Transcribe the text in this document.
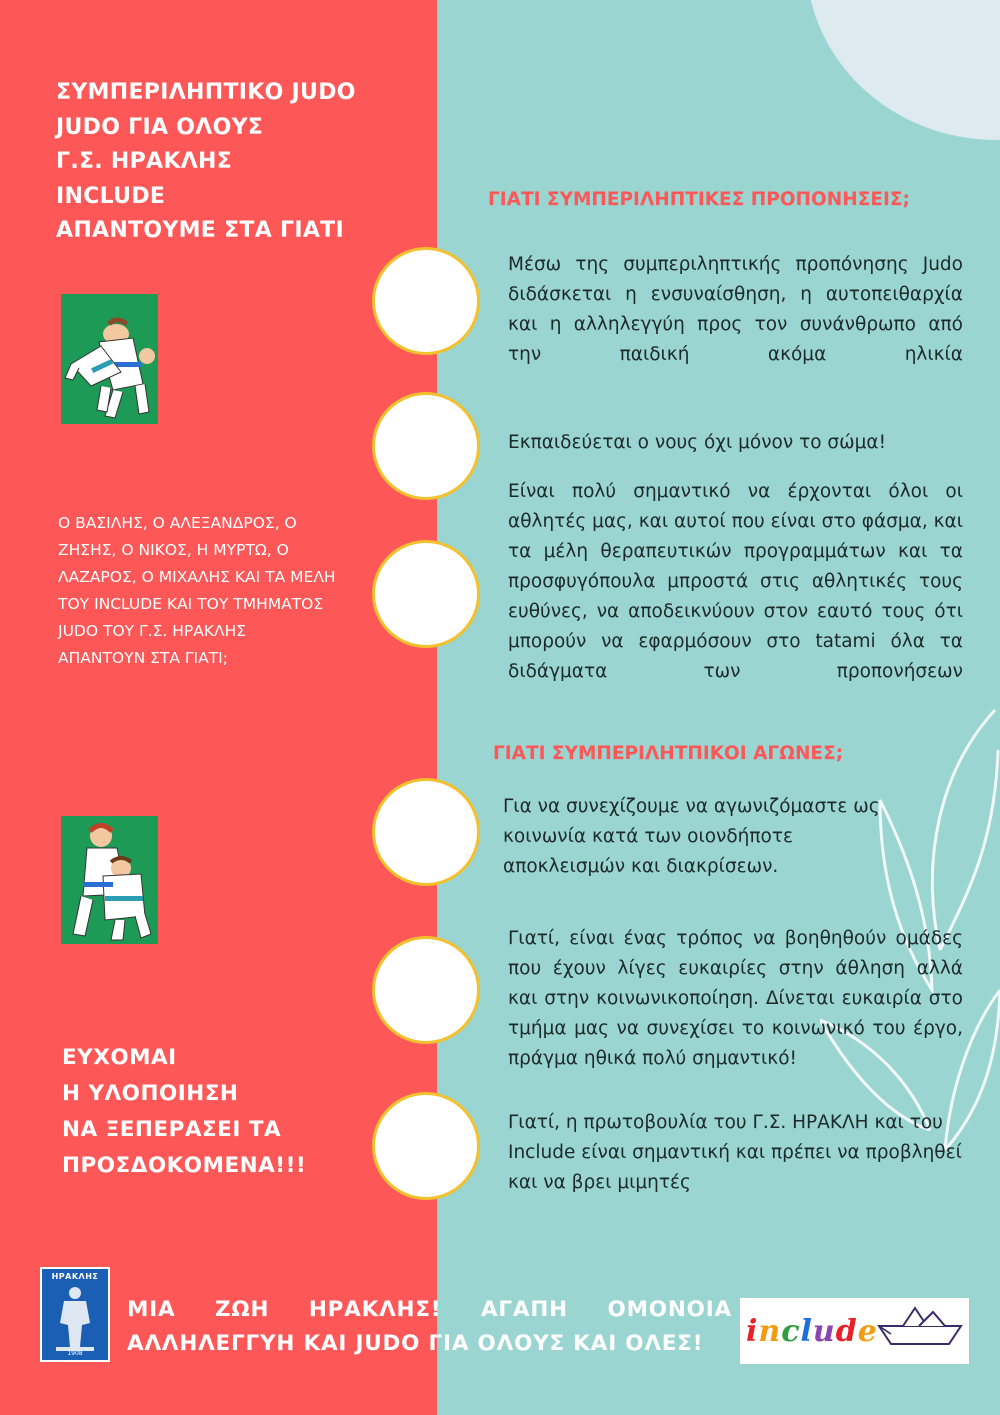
ΣΥΜΠΕΡΙΛΗΠΤΙΚΟ JUDO
JUDO ΓΙΑ ΟΛΟΥΣ
Γ.Σ. ΗΡΑΚΛΗΣ
INCLUDE
ΑΠΑΝΤΟΥΜΕ ΣΤΑ ΓΙΑΤΙ
Ο ΒΑΣΙΛΗΣ, Ο ΑΛΕΞΑΝΔΡΟΣ, Ο ΖΗΣΗΣ, Ο ΝΙΚΟΣ, Η ΜΥΡΤΩ, Ο ΛΑΖΑΡΟΣ, Ο ΜΙΧΑΛΗΣ ΚΑΙ ΤΑ ΜΕΛΗ ΤΟΥ INCLUDE ΚΑΙ ΤΟΥ ΤΜΗΜΑΤΟΣ JUDO ΤΟΥ Γ.Σ. ΗΡΑΚΛΗΣ ΑΠΑΝΤΟΥΝ ΣΤΑ ΓΙΑΤΙ;
ΕΥΧΟΜΑΙ
Η ΥΛΟΠΟΙΗΣΗ
ΝΑ ΞΕΠΕΡΑΣΕΙ ΤΑ
ΠΡΟΣΔΟΚΟΜΕΝΑ!!!
ΓΙΑΤΙ ΣΥΜΠΕΡΙΛΗΠΤΙΚΕΣ ΠΡΟΠΟΝΗΣΕΙΣ;
ΓΙΑΤΙ ΣΥΜΠΕΡΙΛΗΤΠΙΚΟΙ ΑΓΩΝΕΣ;
Μέσω της συμπεριληπτικής προπόνησης Judo διδάσκεται η ενσυναίσθηση, η αυτοπειθαρχία και η αλληλεγγύη προς τον συνάνθρωπο από την παιδική ακόμα ηλικία
Εκπαιδεύεται ο νους όχι μόνον το σώμα!
Είναι πολύ σημαντικό να έρχονται όλοι οι αθλητές μας, και αυτοί που είναι στο φάσμα, και τα μέλη θεραπευτικών προγραμμάτων και τα προσφυγόπουλα μπροστά στις αθλητικές τους ευθύνες, να αποδεικνύουν στον εαυτό τους ότι μπορούν να εφαρμόσουν στο tatami όλα τα διδάγματα των προπονήσεων
Για να συνεχίζουμε να αγωνιζόμαστε ως κοινωνία κατά των οιονδήποτε αποκλεισμών και διακρίσεων.
Γιατί, είναι ένας τρόπος να βοηθηθούν ομάδες που έχουν λίγες ευκαιρίες στην άθληση αλλά και στην κοινωνικοποίηση. Δίνεται ευκαιρία στο τμήμα μας να συνεχίσει το κοινωνικό του έργο, πράγμα ηθικά πολύ σημαντικό!
Γιατί, η πρωτοβουλία του Γ.Σ. ΗΡΑΚΛΗ και του Include είναι σημαντική και πρέπει να προβληθεί και να βρει μιμητές
ΗΡΑΚΛΗΣ
1908
ΜΙΑ ΖΩΗ ΗΡΑΚΛΗΣ! ΑΓΑΠΗ ΟΜΟΝΟΙΑ
ΑΛΛΗΛΕΓΓΥΗ ΚΑΙ JUDO ΓΙΑ ΟΛΟΥΣ ΚΑΙ ΟΛΕΣ!	include
